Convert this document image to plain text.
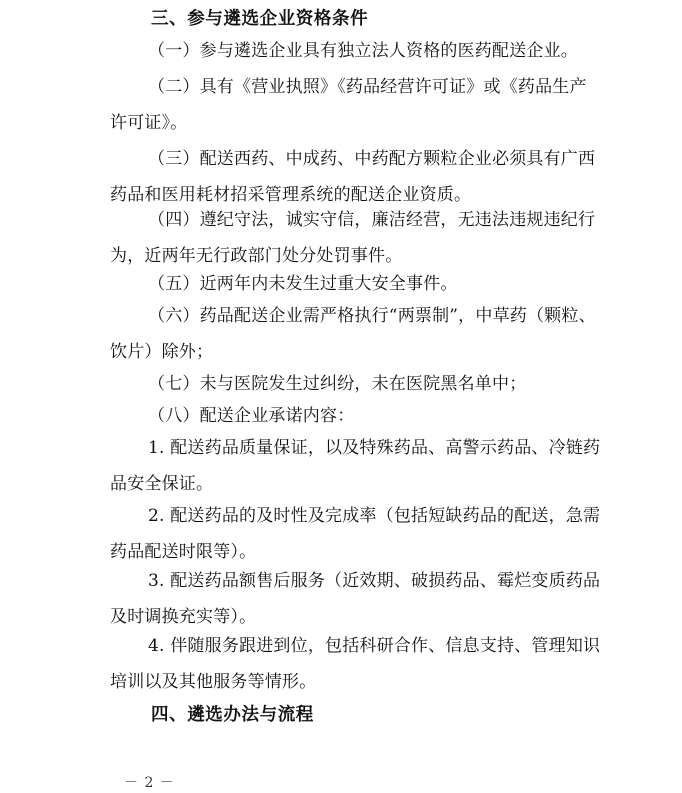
三、参与遴选企业资格条件
（一）参与遴选企业具有独立法人资格的医药配送企业。
（二）具有《营业执照》《药品经营许可证》或《药品生产
许可证》。
（三）配送西药、中成药、中药配方颗粒企业必须具有广西
药品和医用耗材招采管理系统的配送企业资质。
（四）遵纪守法，诚实守信，廉洁经营，无违法违规违纪行
为，近两年无行政部门处分处罚事件。
（五）近两年内未发生过重大安全事件。
（六）药品配送企业需严格执行“两票制”，中草药（颗粒、
饮片）除外；
（七）未与医院发生过纠纷，未在医院黑名单中；
（八）配送企业承诺内容：
1. 配送药品质量保证，以及特殊药品、高警示药品、冷链药
品安全保证。
2. 配送药品的及时性及完成率（包括短缺药品的配送，急需
药品配送时限等）。
3. 配送药品额售后服务（近效期、破损药品、霉烂变质药品
及时调换充实等）。
4. 伴随服务跟进到位，包括科研合作、信息支持、管理知识
培训以及其他服务等情形。
四、遴选办法与流程
－ 2 －
